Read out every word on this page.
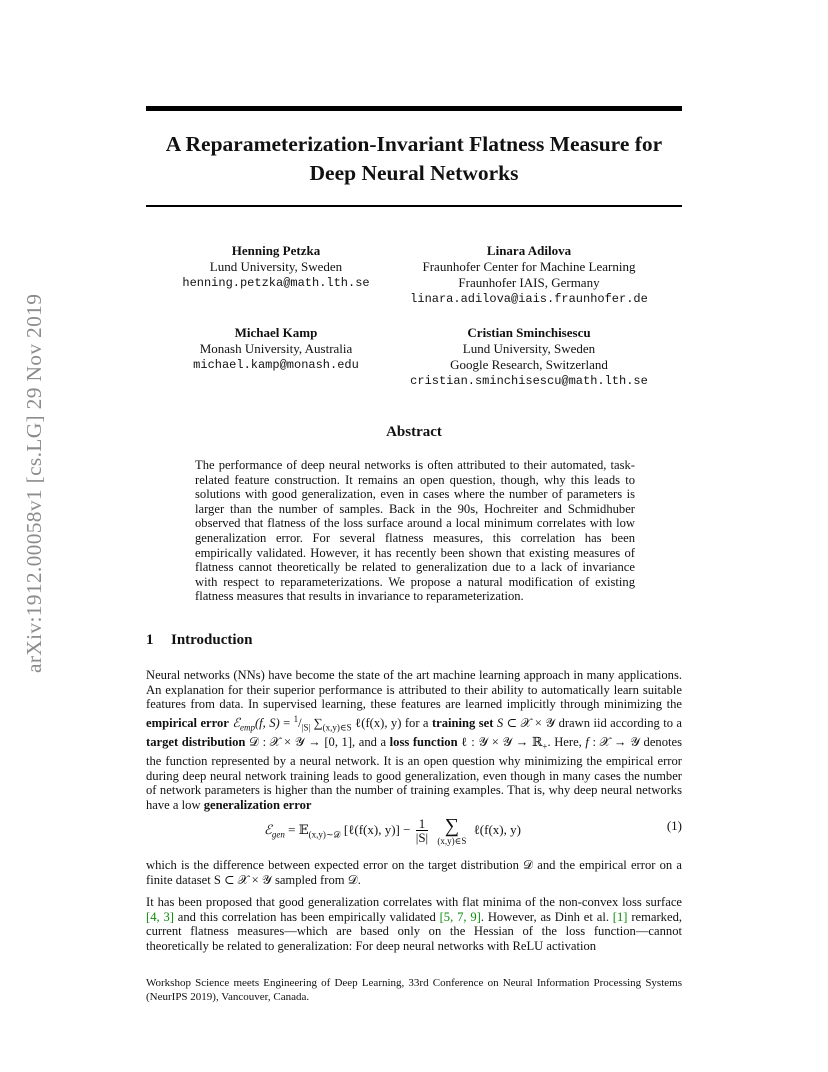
arXiv:1912.00058v1 [cs.LG] 29 Nov 2019
A Reparameterization-Invariant Flatness Measure for
Deep Neural Networks
Henning Petzka
Lund University, Sweden
henning.petzka@math.lth.se
Linara Adilova
Fraunhofer Center for Machine Learning
Fraunhofer IAIS, Germany
linara.adilova@iais.fraunhofer.de
Michael Kamp
Monash University, Australia
michael.kamp@monash.edu
Cristian Sminchisescu
Lund University, Sweden
Google Research, Switzerland
cristian.sminchisescu@math.lth.se
Abstract
The performance of deep neural networks is often attributed to their automated, task-related feature construction. It remains an open question, though, why this leads to solutions with good generalization, even in cases where the number of parameters is larger than the number of samples. Back in the 90s, Hochreiter and Schmidhuber observed that flatness of the loss surface around a local minimum correlates with low generalization error. For several flatness measures, this correlation has been empirically validated. However, it has recently been shown that existing measures of flatness cannot theoretically be related to generalization due to a lack of invariance with respect to reparameterizations. We propose a natural modification of existing flatness measures that results in invariance to reparameterization.
1 Introduction
Neural networks (NNs) have become the state of the art machine learning approach in many applications. An explanation for their superior performance is attributed to their ability to automatically learn suitable features from data. In supervised learning, these features are learned implicitly through minimizing the empirical error ℰ$_{emp}$(f, $S) = ^1/_{|S|}$ $\sum_{(x,y)\in S}$ ℓ(f(x), y) for a training set S ⊂ 𝒳 × 𝒴 drawn iid according to a target distribution 𝒟 : 𝒳 × 𝒴 → [0, 1], and a loss function ℓ : 𝒴 × 𝒴 → ℝ$_+$. Here, f : 𝒳 → 𝒴 denotes the function represented by a neural network. It is an open question why minimizing the empirical error during deep neural network training leads to good generalization, even though in many cases the number of network parameters is higher than the number of training examples. That is, why deep neural networks have a low generalization error
ℰ$_{gen}$ = 𝔼$_{(x,y)\sim 𝒟}$ [ℓ(f(x), $y)] - \frac{1}{|S|}$
∑
(x,y)∈S
ℓ(f(x), y)	(1)
which is the difference between expected error on the target distribution 𝒟 and the empirical error on a finite dataset S ⊂ 𝒳 × 𝒴 sampled from 𝒟.
It has been proposed that good generalization correlates with flat minima of the non-convex loss surface [4, 3] and this correlation has been empirically validated [5, 7, 9]. However, as Dinh et al. [1] remarked, current flatness measures—which are based only on the Hessian of the loss function—cannot theoretically be related to generalization: For deep neural networks with ReLU activation
Workshop Science meets Engineering of Deep Learning, 33rd Conference on Neural Information Processing Systems (NeurIPS 2019), Vancouver, Canada.
